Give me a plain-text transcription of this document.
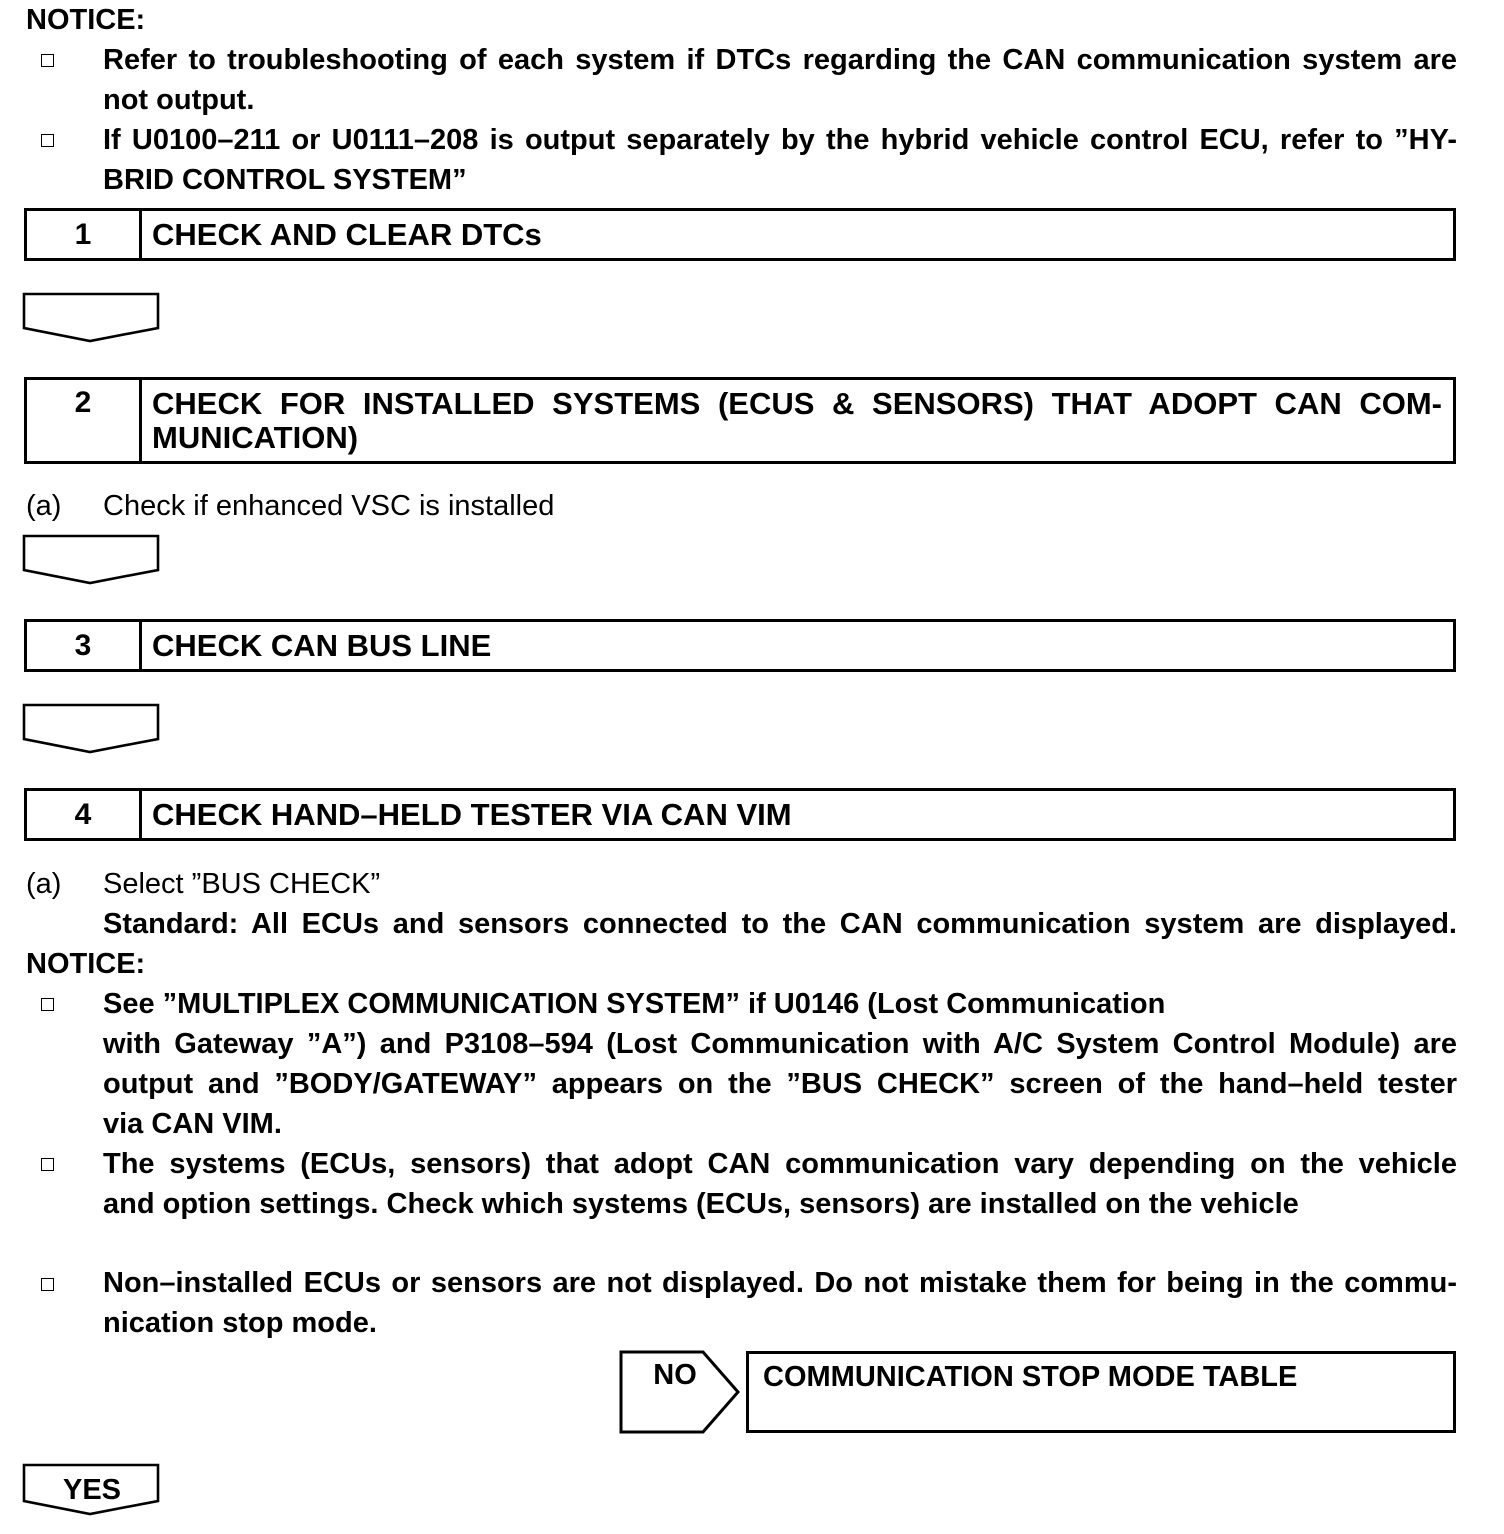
NOTICE:
Refer to troubleshooting of each system if DTCs regarding the CAN communication system are
not output.
If U0100–211 or U0111–208 is output separately by the hybrid vehicle control ECU, refer to ”HY-
BRID CONTROL SYSTEM”
1	CHECK AND CLEAR DTCs
2	CHECK FOR INSTALLED SYSTEMS (ECUS & SENSORS) THAT ADOPT CAN COM-
MUNICATION)
(a) Check if enhanced VSC is installed
3	CHECK CAN BUS LINE
4	CHECK HAND–HELD TESTER VIA CAN VIM
(a) Select ”BUS CHECK”
Standard: All ECUs and sensors connected to the CAN communication system are displayed.
NOTICE:
See ”MULTIPLEX COMMUNICATION SYSTEM” if U0146 (Lost Communication
with Gateway ”A”) and P3108–594 (Lost Communication with A/C System Control Module) are
output and ”BODY/GATEWAY” appears on the ”BUS CHECK” screen of the hand–held tester
via CAN VIM.
The systems (ECUs, sensors) that adopt CAN communication vary depending on the vehicle
and option settings. Check which systems (ECUs, sensors) are installed on the vehicle
Non–installed ECUs or sensors are not displayed. Do not mistake them for being in the commu-
nication stop mode.
NO	COMMUNICATION STOP MODE TABLE
YES
